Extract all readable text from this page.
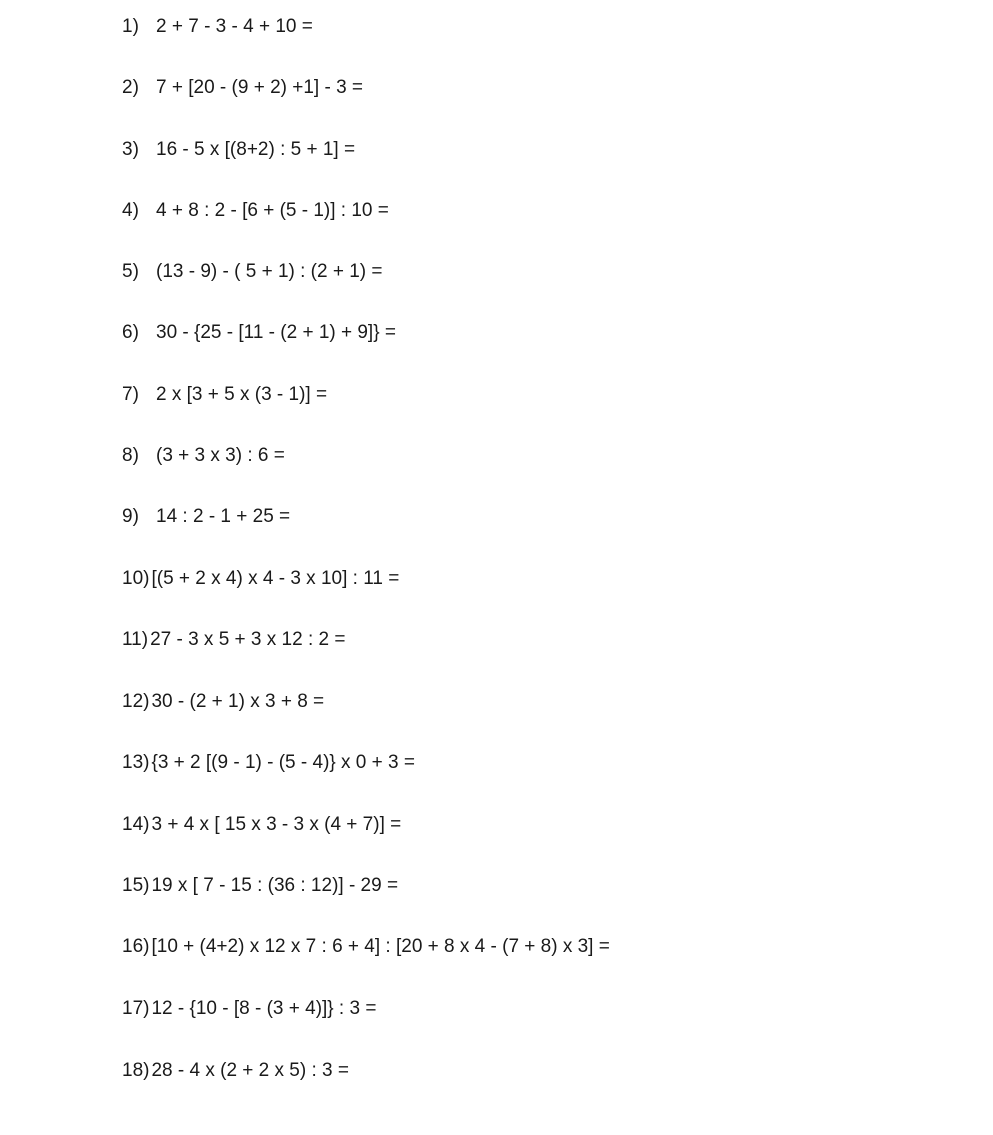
1) 2 + 7 - 3 - 4 + 10 =
2) 7 + [20 - (9 + 2) +1] - 3 =
3) 16 - 5 x [(8+2) : 5 + 1] =
4) 4 + 8 : 2 - [6 + (5 - 1)] : 10 =
5) (13 - 9) - ( 5 + 1) : (2 + 1) =
6) 30 - {25 - [11 - (2 + 1) + 9]} =
7) 2 x [3 + 5 x (3 - 1)] =
8) (3 + 3 x 3) : 6 =
9) 14 : 2 - 1 + 25 =
10) [(5 + 2 x 4) x 4 - 3 x 10] : 11 =
11) 27 - 3 x 5 + 3 x 12 : 2 =
12) 30 - (2 + 1) x 3 + 8 =
13) {3 + 2 [(9 - 1) - (5 - 4)} x 0 + 3 =
14) 3 + 4 x [ 15 x 3 - 3 x (4 + 7)] =
15) 19 x [ 7 - 15 : (36 : 12)] - 29 =
16) [10 + (4+2) x 12 x 7 : 6 + 4] : [20 + 8 x 4 - (7 + 8) x 3] =
17) 12 - {10 - [8 - (3 + 4)]} : 3 =
18) 28 - 4 x (2 + 2 x 5) : 3 =
